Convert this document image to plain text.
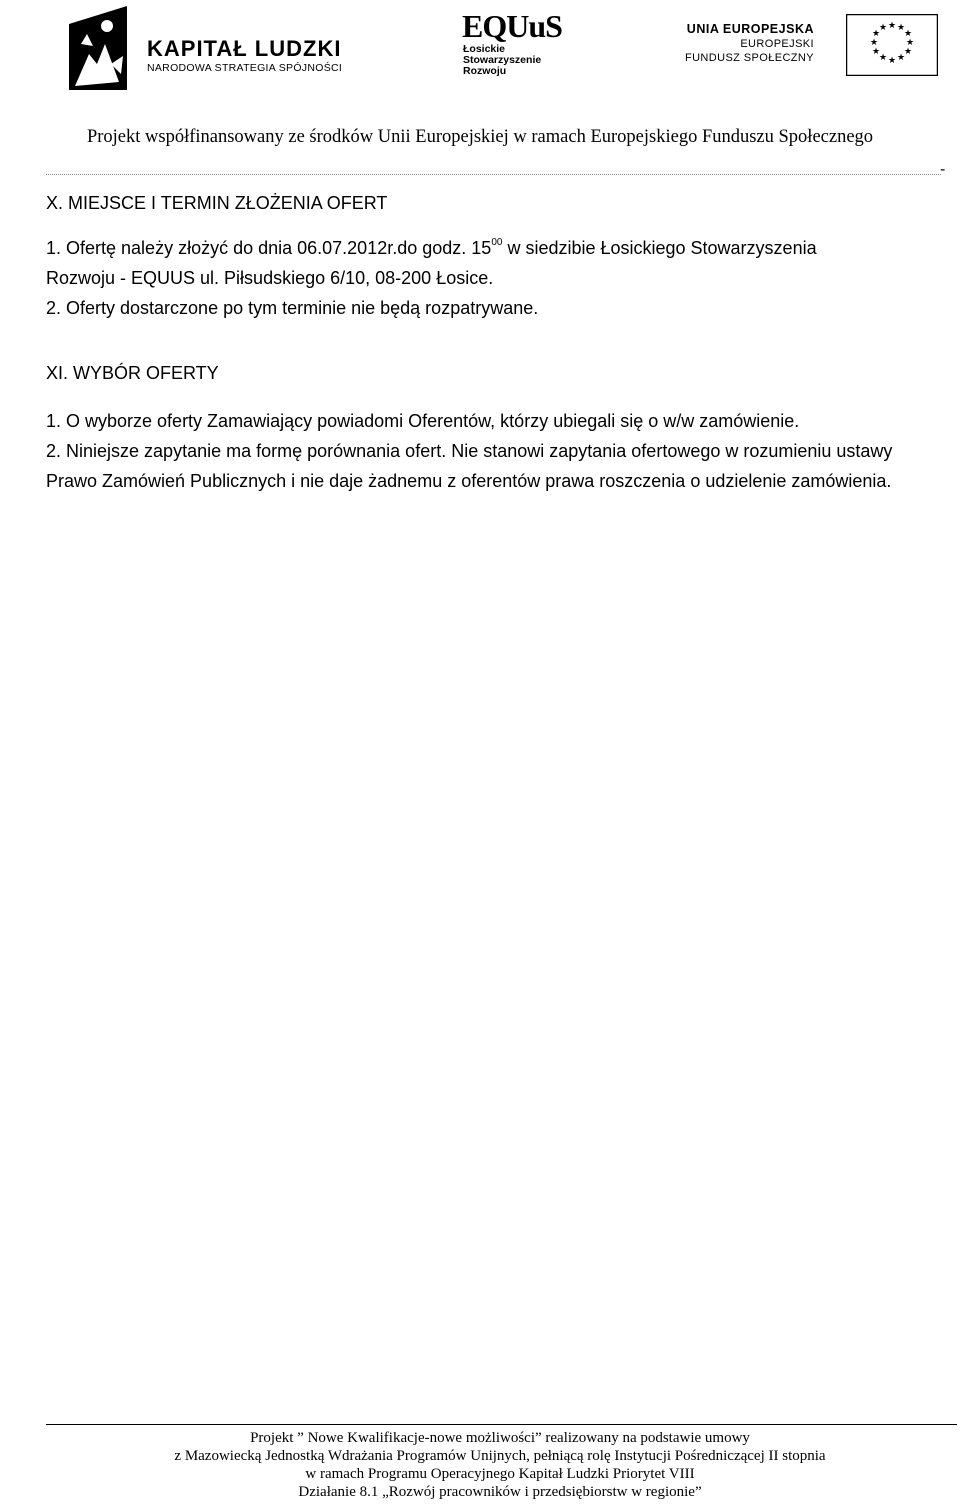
KAPITAŁ LUDZKI
NARODOWA STRATEGIA SPÓJNOŚCI
EQUuS
Łosickie
Stowarzyszenie
Rozwoju
UNIA EUROPEJSKA
EUROPEJSKI
FUNDUSZ SPOŁECZNY
★ ★
★
★
★
★
★
★
★
★
★
★
Projekt współfinansowany ze środków Unii Europejskiej w ramach Europejskiego Funduszu Społecznego
-

X. MIEJSCE I TERMIN ZŁOŻENIA OFERT

1. Ofertę należy złożyć do dnia 06.07.2012r.do godz. $15^{00}$ w siedzibie Łosickiego Stowarzyszenia

Rozwoju - EQUUS ul. Piłsudskiego 6/10, 08-200 Łosice.

2. Oferty dostarczone po tym terminie nie będą rozpatrywane.

XI. WYBÓR OFERTY

1. O wyborze oferty Zamawiający powiadomi Oferentów, którzy ubiegali się o w/w zamówienie.

2. Niniejsze zapytanie ma formę porównania ofert. Nie stanowi zapytania ofertowego w rozumieniu ustawy Prawo Zamówień Publicznych i nie daje żadnemu z oferentów prawa roszczenia o udzielenie zamówienia.

Projekt ” Nowe Kwalifikacje-nowe możliwości” realizowany na podstawie umowy
z Mazowiecką Jednostką Wdrażania Programów Unijnych, pełniącą rolę Instytucji Pośredniczącej II stopnia
w ramach Programu Operacyjnego Kapitał Ludzki Priorytet VIII
Działanie 8.1 „Rozwój pracowników i przedsiębiorstw w regionie”
